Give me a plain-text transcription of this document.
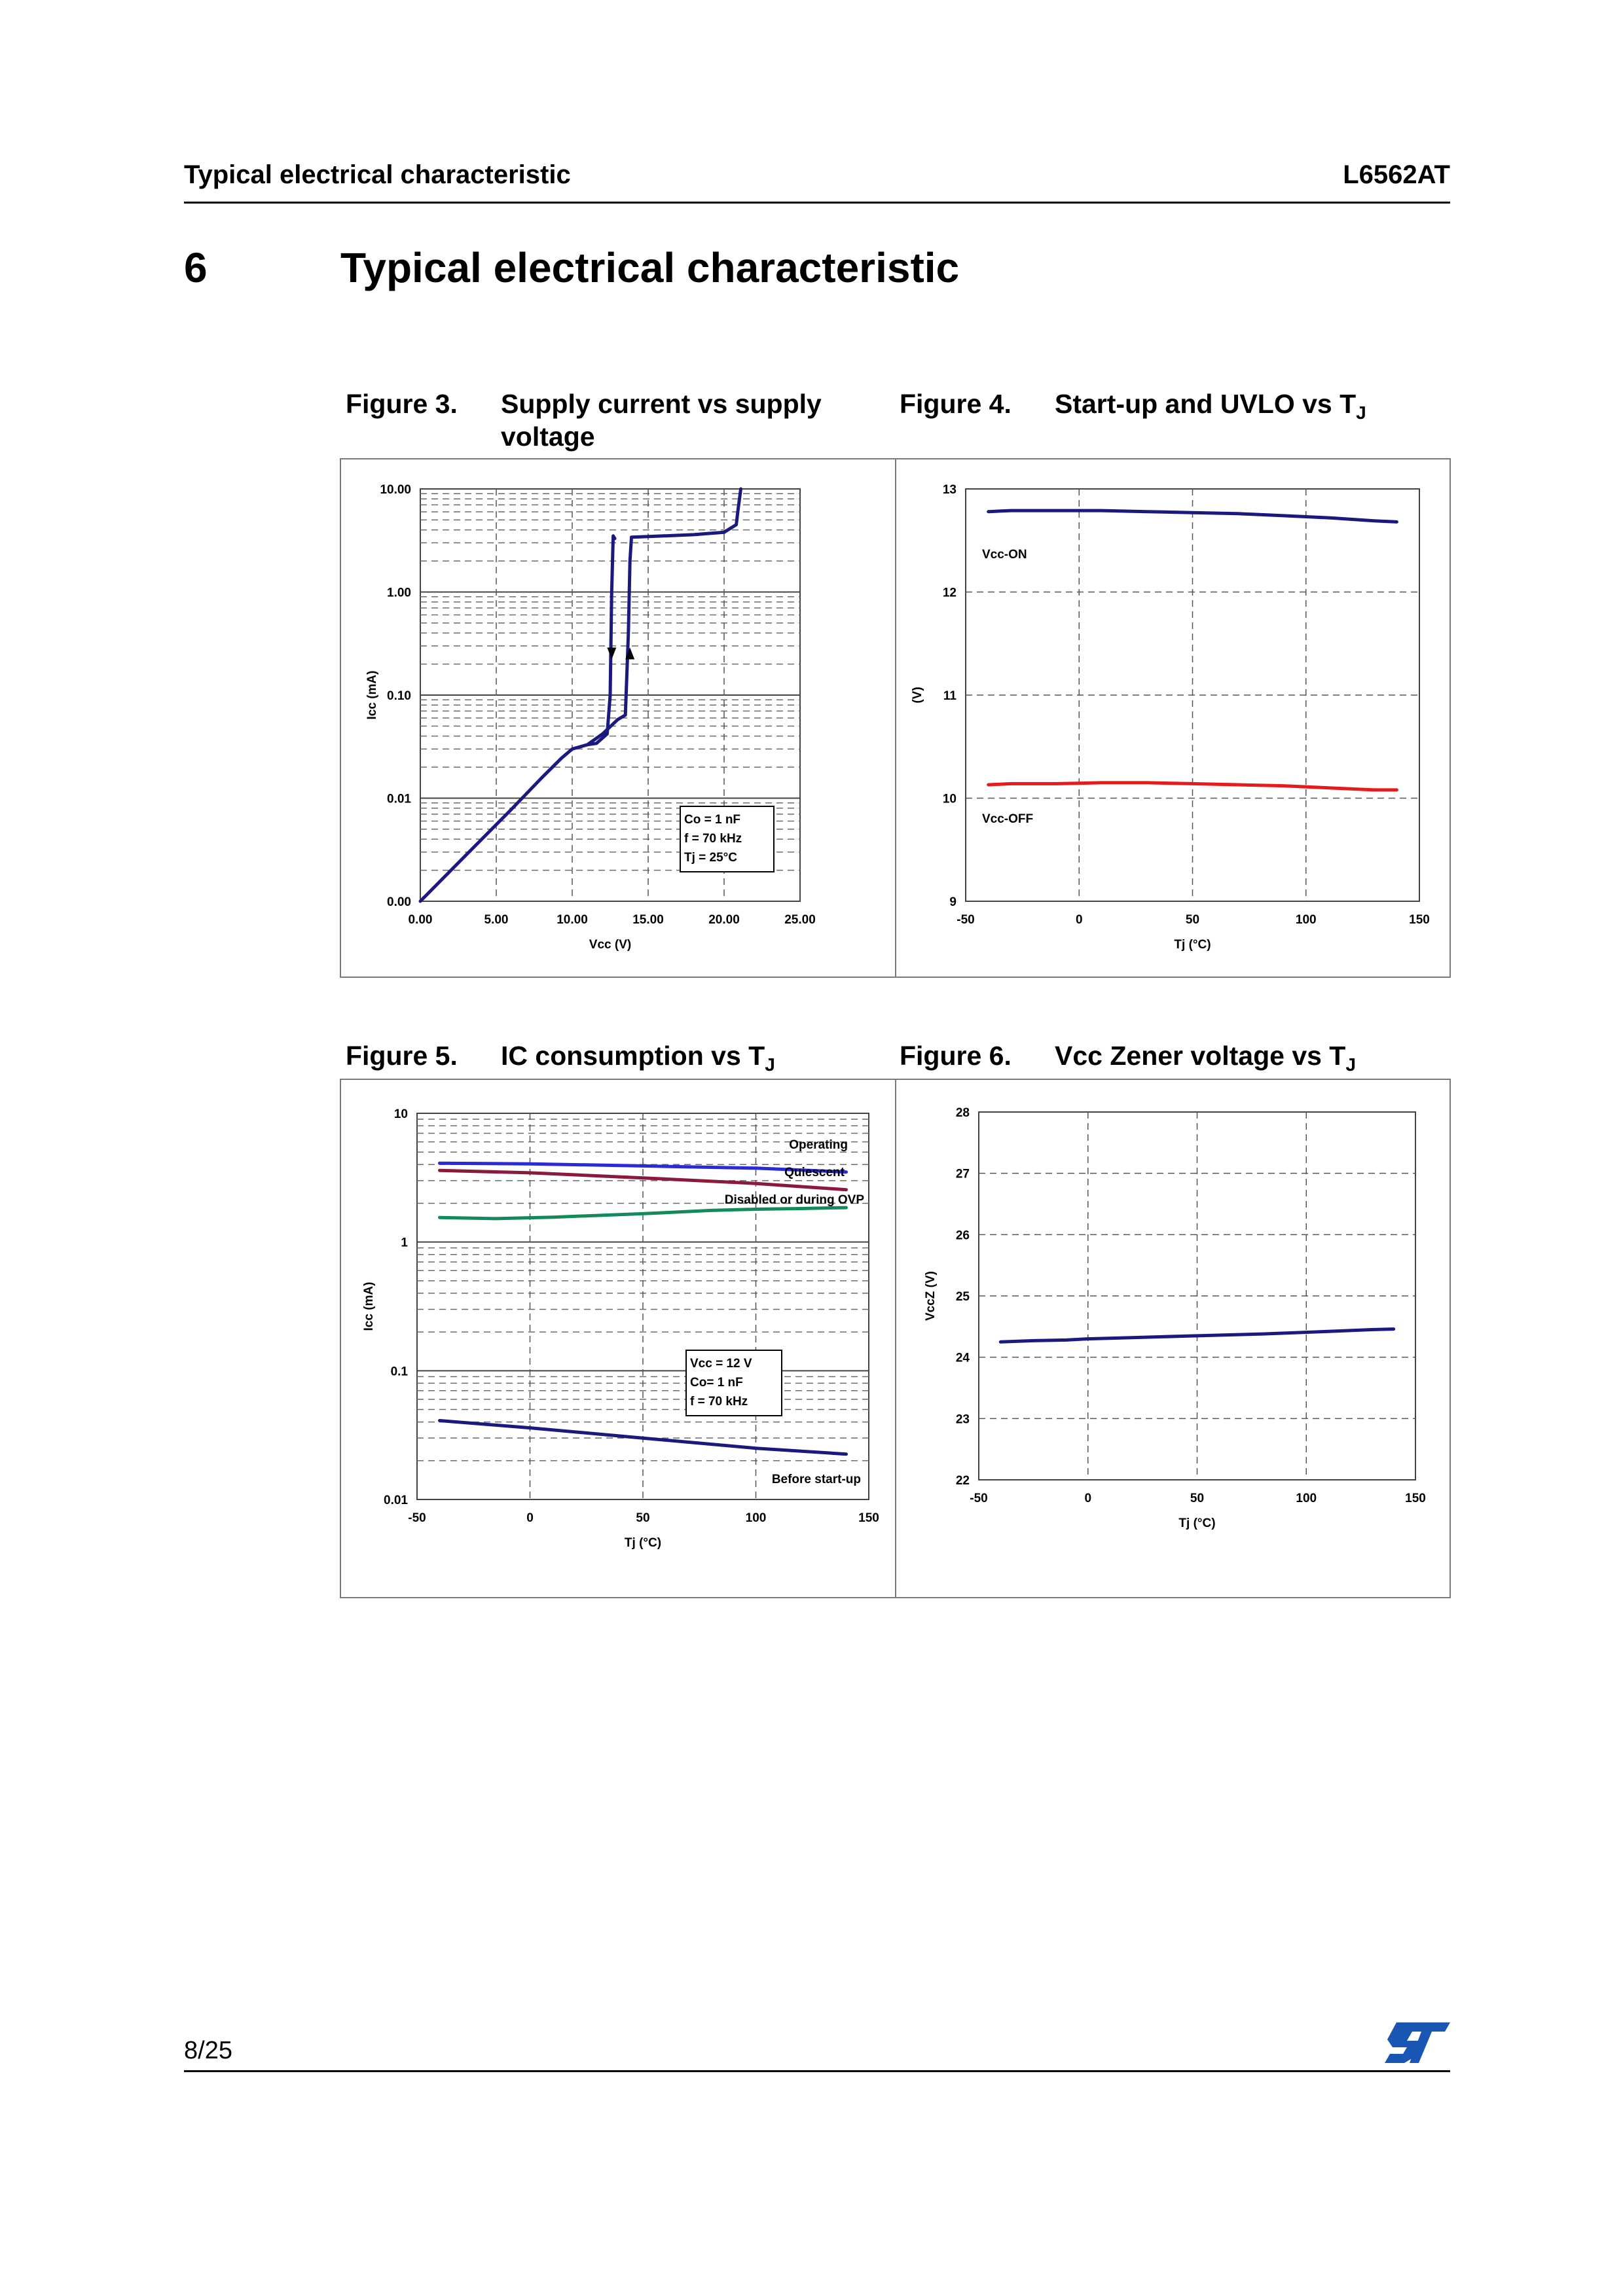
Typical electrical characteristic	L6562AT
6	Typical electrical characteristic
Figure 3. Supply current vs supply voltage
Figure 4. Start-up and UVLO vs $T_J$
Figure 5. IC consumption vs $T_J$	Figure 6. Vcc Zener voltage vs $T_J$
0.00
0.01
0.10
1.00
10.00
0.00	5.00	10.00	15.00	20.00	25.00
Vcc (V)
Icc (mA)
Co = 1 nF
f = 70 kHz
Tj = 25°C
9
10
11
12
13
-50	0	50	100	150
Tj (°C)
(V)
Vcc-ON
Vcc-OFF
0.01
0.1
1
10
-50	0	50	100	150
Tj (°C)
Icc (mA)
Operating
Quiescent
Disabled or during OVP
Before start-up
Vcc = 12 V
Co= 1 nF
f = 70 kHz
22
23
24
25
26
27
28
-50	0	50	100	150
Tj (°C)
VccZ (V)
8/25
